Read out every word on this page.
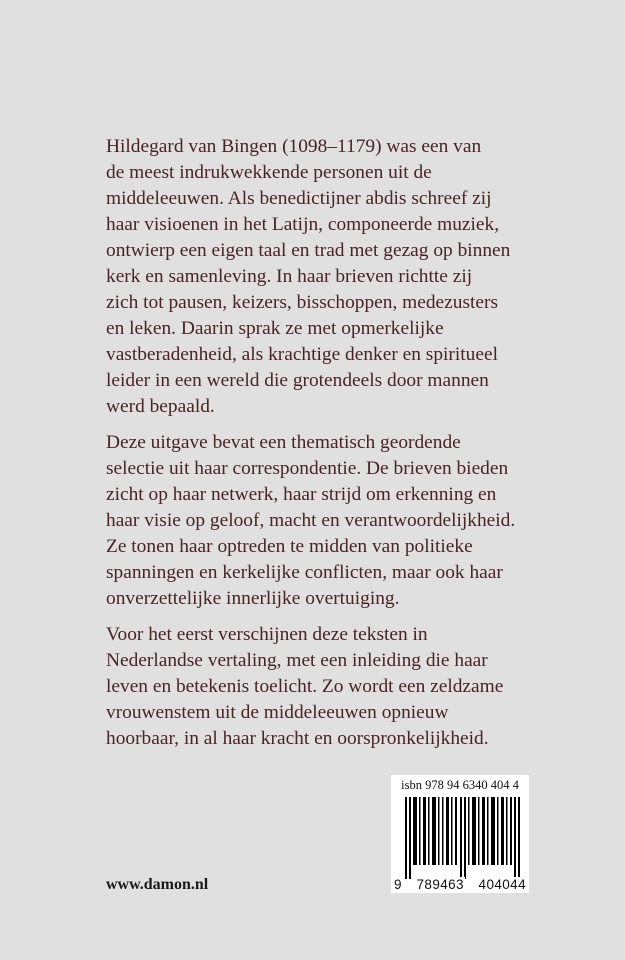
Hildegard van Bingen (1098–1179) was een van
de meest indrukwekkende personen uit de
middeleeuwen. Als benedictijner abdis schreef zij
haar visioenen in het Latijn, componeerde muziek,
ontwierp een eigen taal en trad met gezag op binnen
kerk en samenleving. In haar brieven richtte zij
zich tot pausen, keizers, bisschoppen, medezusters
en leken. Daarin sprak ze met opmerkelijke
vastberadenheid, als krachtige denker en spiritueel
leider in een wereld die grotendeels door mannen
werd bepaald.

Deze uitgave bevat een thematisch geordende
selectie uit haar correspondentie. De brieven bieden
zicht op haar netwerk, haar strijd om erkenning en
haar visie op geloof, macht en verantwoordelijkheid.
Ze tonen haar optreden te midden van politieke
spanningen en kerkelijke conflicten, maar ook haar
onverzettelijke innerlijke overtuiging.

Voor het eerst verschijnen deze teksten in
Nederlandse vertaling, met een inleiding die haar
leven en betekenis toelicht. Zo wordt een zeldzame
vrouwenstem uit de middeleeuwen opnieuw
hoorbaar, in al haar kracht en oorspronkelijkheid.

www.damon.nl
isbn 978 94 6340 404 4
9 789463 404044
